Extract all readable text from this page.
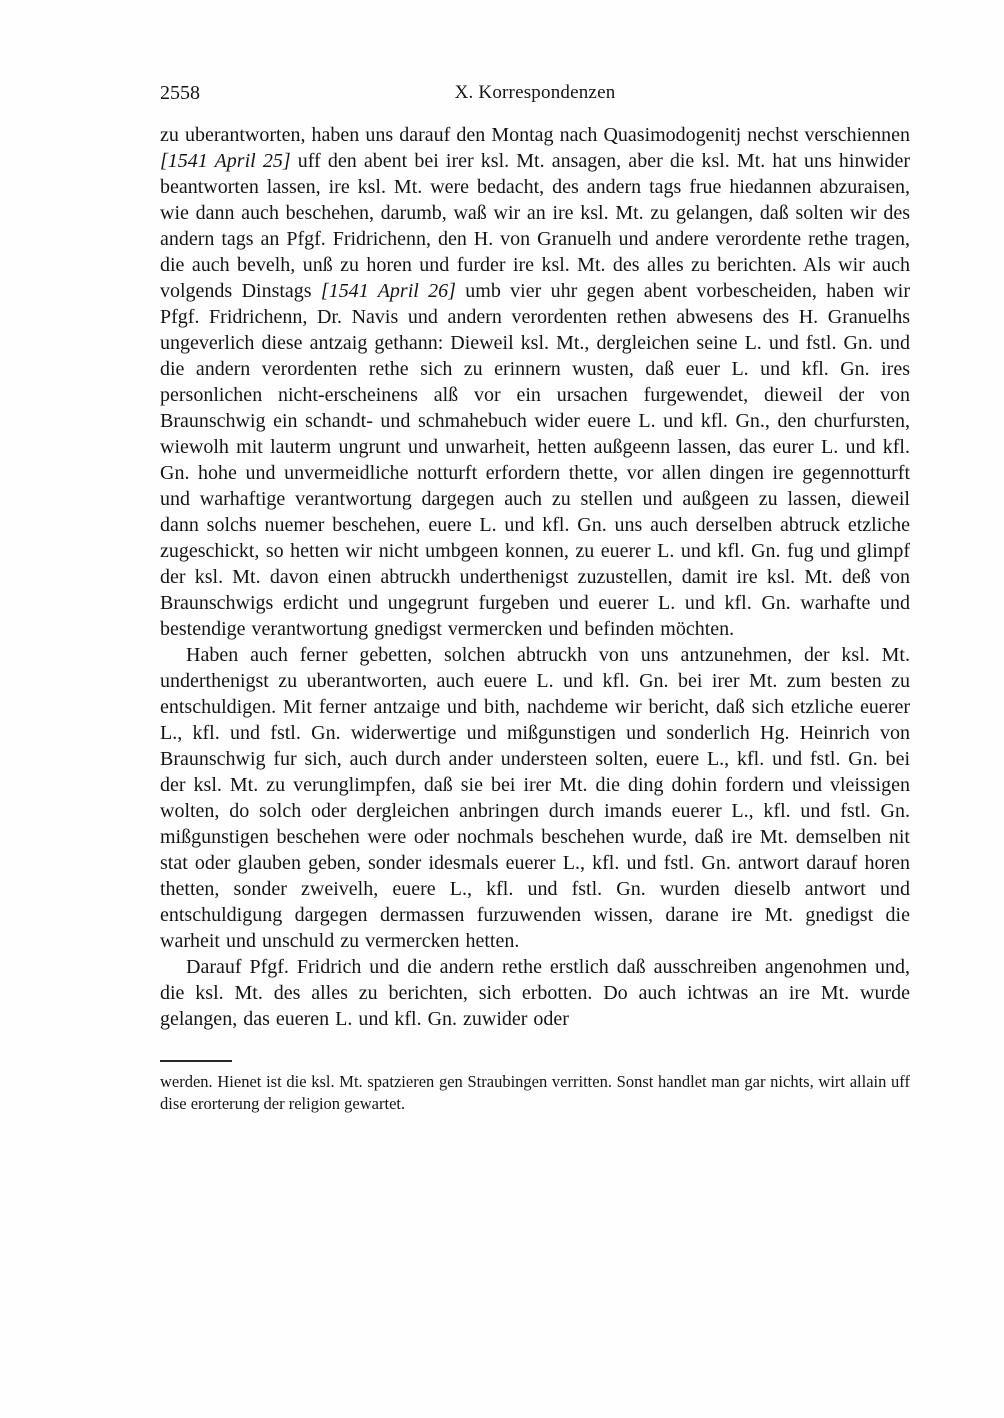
2558	X. Korrespondenzen

zu uberantworten, haben uns darauf den Montag nach Quasimodogenitj nechst verschiennen [1541 April 25] uff den abent bei irer ksl. Mt. ansagen, aber die ksl. Mt. hat uns hinwider beantworten lassen, ire ksl. Mt. were bedacht, des andern tags frue hiedannen abzuraisen, wie dann auch beschehen, darumb, waß wir an ire ksl. Mt. zu gelangen, daß solten wir des andern tags an Pfgf. Fridrichenn, den H. von Granuelh und andere verordente rethe tragen, die auch bevelh, unß zu horen und furder ire ksl. Mt. des alles zu berichten. Als wir auch volgends Dinstags [1541 April 26] umb vier uhr gegen abent vorbescheiden, haben wir Pfgf. Fridrichenn, Dr. Navis und andern verordenten rethen abwesens des H. Granuelhs ungeverlich diese antzaig gethann: Dieweil ksl. Mt., dergleichen seine L. und fstl. Gn. und die andern verordenten rethe sich zu erinnern wusten, daß euer L. und kfl. Gn. ires personlichen nicht-erscheinens alß vor ein ursachen furgewendet, dieweil der von Braunschwig ein schandt- und schmahebuch wider euere L. und kfl. Gn., den churfursten, wiewolh mit lauterm ungrunt und unwarheit, hetten außgeenn lassen, das eurer L. und kfl. Gn. hohe und unvermeidliche notturft erfordern thette, vor allen dingen ire gegennotturft und warhaftige verantwortung dargegen auch zu stellen und außgeen zu lassen, dieweil dann solchs nuemer beschehen, euere L. und kfl. Gn. uns auch derselben abtruck etzliche zugeschickt, so hetten wir nicht umbgeen konnen, zu euerer L. und kfl. Gn. fug und glimpf der ksl. Mt. davon einen abtruckh underthenigst zuzustellen, damit ire ksl. Mt. deß von Braunschwigs erdicht und ungegrunt furgeben und euerer L. und kfl. Gn. warhafte und bestendige verantwortung gnedigst vermercken und befinden möchten.

Haben auch ferner gebetten, solchen abtruckh von uns antzunehmen, der ksl. Mt. underthenigst zu uberantworten, auch euere L. und kfl. Gn. bei irer Mt. zum besten zu entschuldigen. Mit ferner antzaige und bith, nachdeme wir bericht, daß sich etzliche euerer L., kfl. und fstl. Gn. widerwertige und mißgunstigen und sonderlich Hg. Heinrich von Braunschwig fur sich, auch durch ander understeen solten, euere L., kfl. und fstl. Gn. bei der ksl. Mt. zu verunglimpfen, daß sie bei irer Mt. die ding dohin fordern und vleissigen wolten, do solch oder dergleichen anbringen durch imands euerer L., kfl. und fstl. Gn. mißgunstigen beschehen were oder nochmals beschehen wurde, daß ire Mt. demselben nit stat oder glauben geben, sonder idesmals euerer L., kfl. und fstl. Gn. antwort darauf horen thetten, sonder zweivelh, euere L., kfl. und fstl. Gn. wurden dieselb antwort und entschuldigung dargegen dermassen furzuwenden wissen, darane ire Mt. gnedigst die warheit und unschuld zu vermercken hetten.

Darauf Pfgf. Fridrich und die andern rethe erstlich daß ausschreiben angenohmen und, die ksl. Mt. des alles zu berichten, sich erbotten. Do auch ichtwas an ire Mt. wurde gelangen, das eueren L. und kfl. Gn. zuwider oder

werden. Hienet ist die ksl. Mt. spatzieren gen Straubingen verritten. Sonst handlet man gar nichts, wirt allain uff dise erorterung der religion gewartet.
